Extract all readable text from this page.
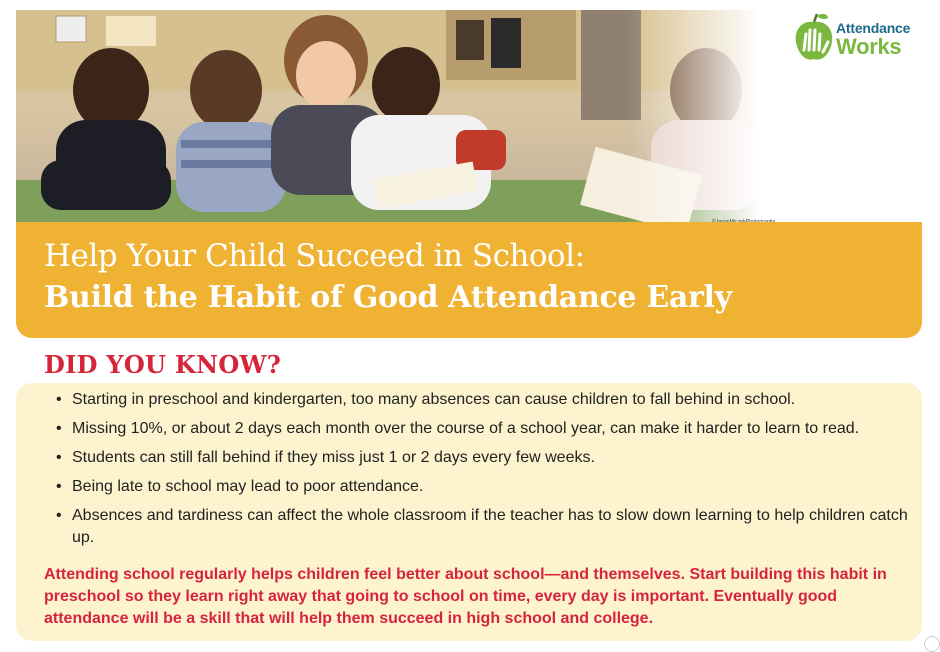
Attendance
Works
Help Your Child Succeed in School:
Build the Habit of Good Attendance Early
DID YOU KNOW?
• Starting in preschool and kindergarten, too many absences can cause children to fall behind in school.
• Missing 10%, or about 2 days each month over the course of a school year, can make it harder to learn to read.
• Students can still fall behind if they miss just 1 or 2 days every few weeks.
• Being late to school may lead to poor attendance.
• Absences and tardiness can affect the whole classroom if the teacher has to slow down learning to help children catch up.

Attending school regularly helps children feel better about school—and themselves. Start building this habit in preschool so they learn right away that going to school on time, every day is important. Eventually good attendance will be a skill that will help them succeed in high school and college.
